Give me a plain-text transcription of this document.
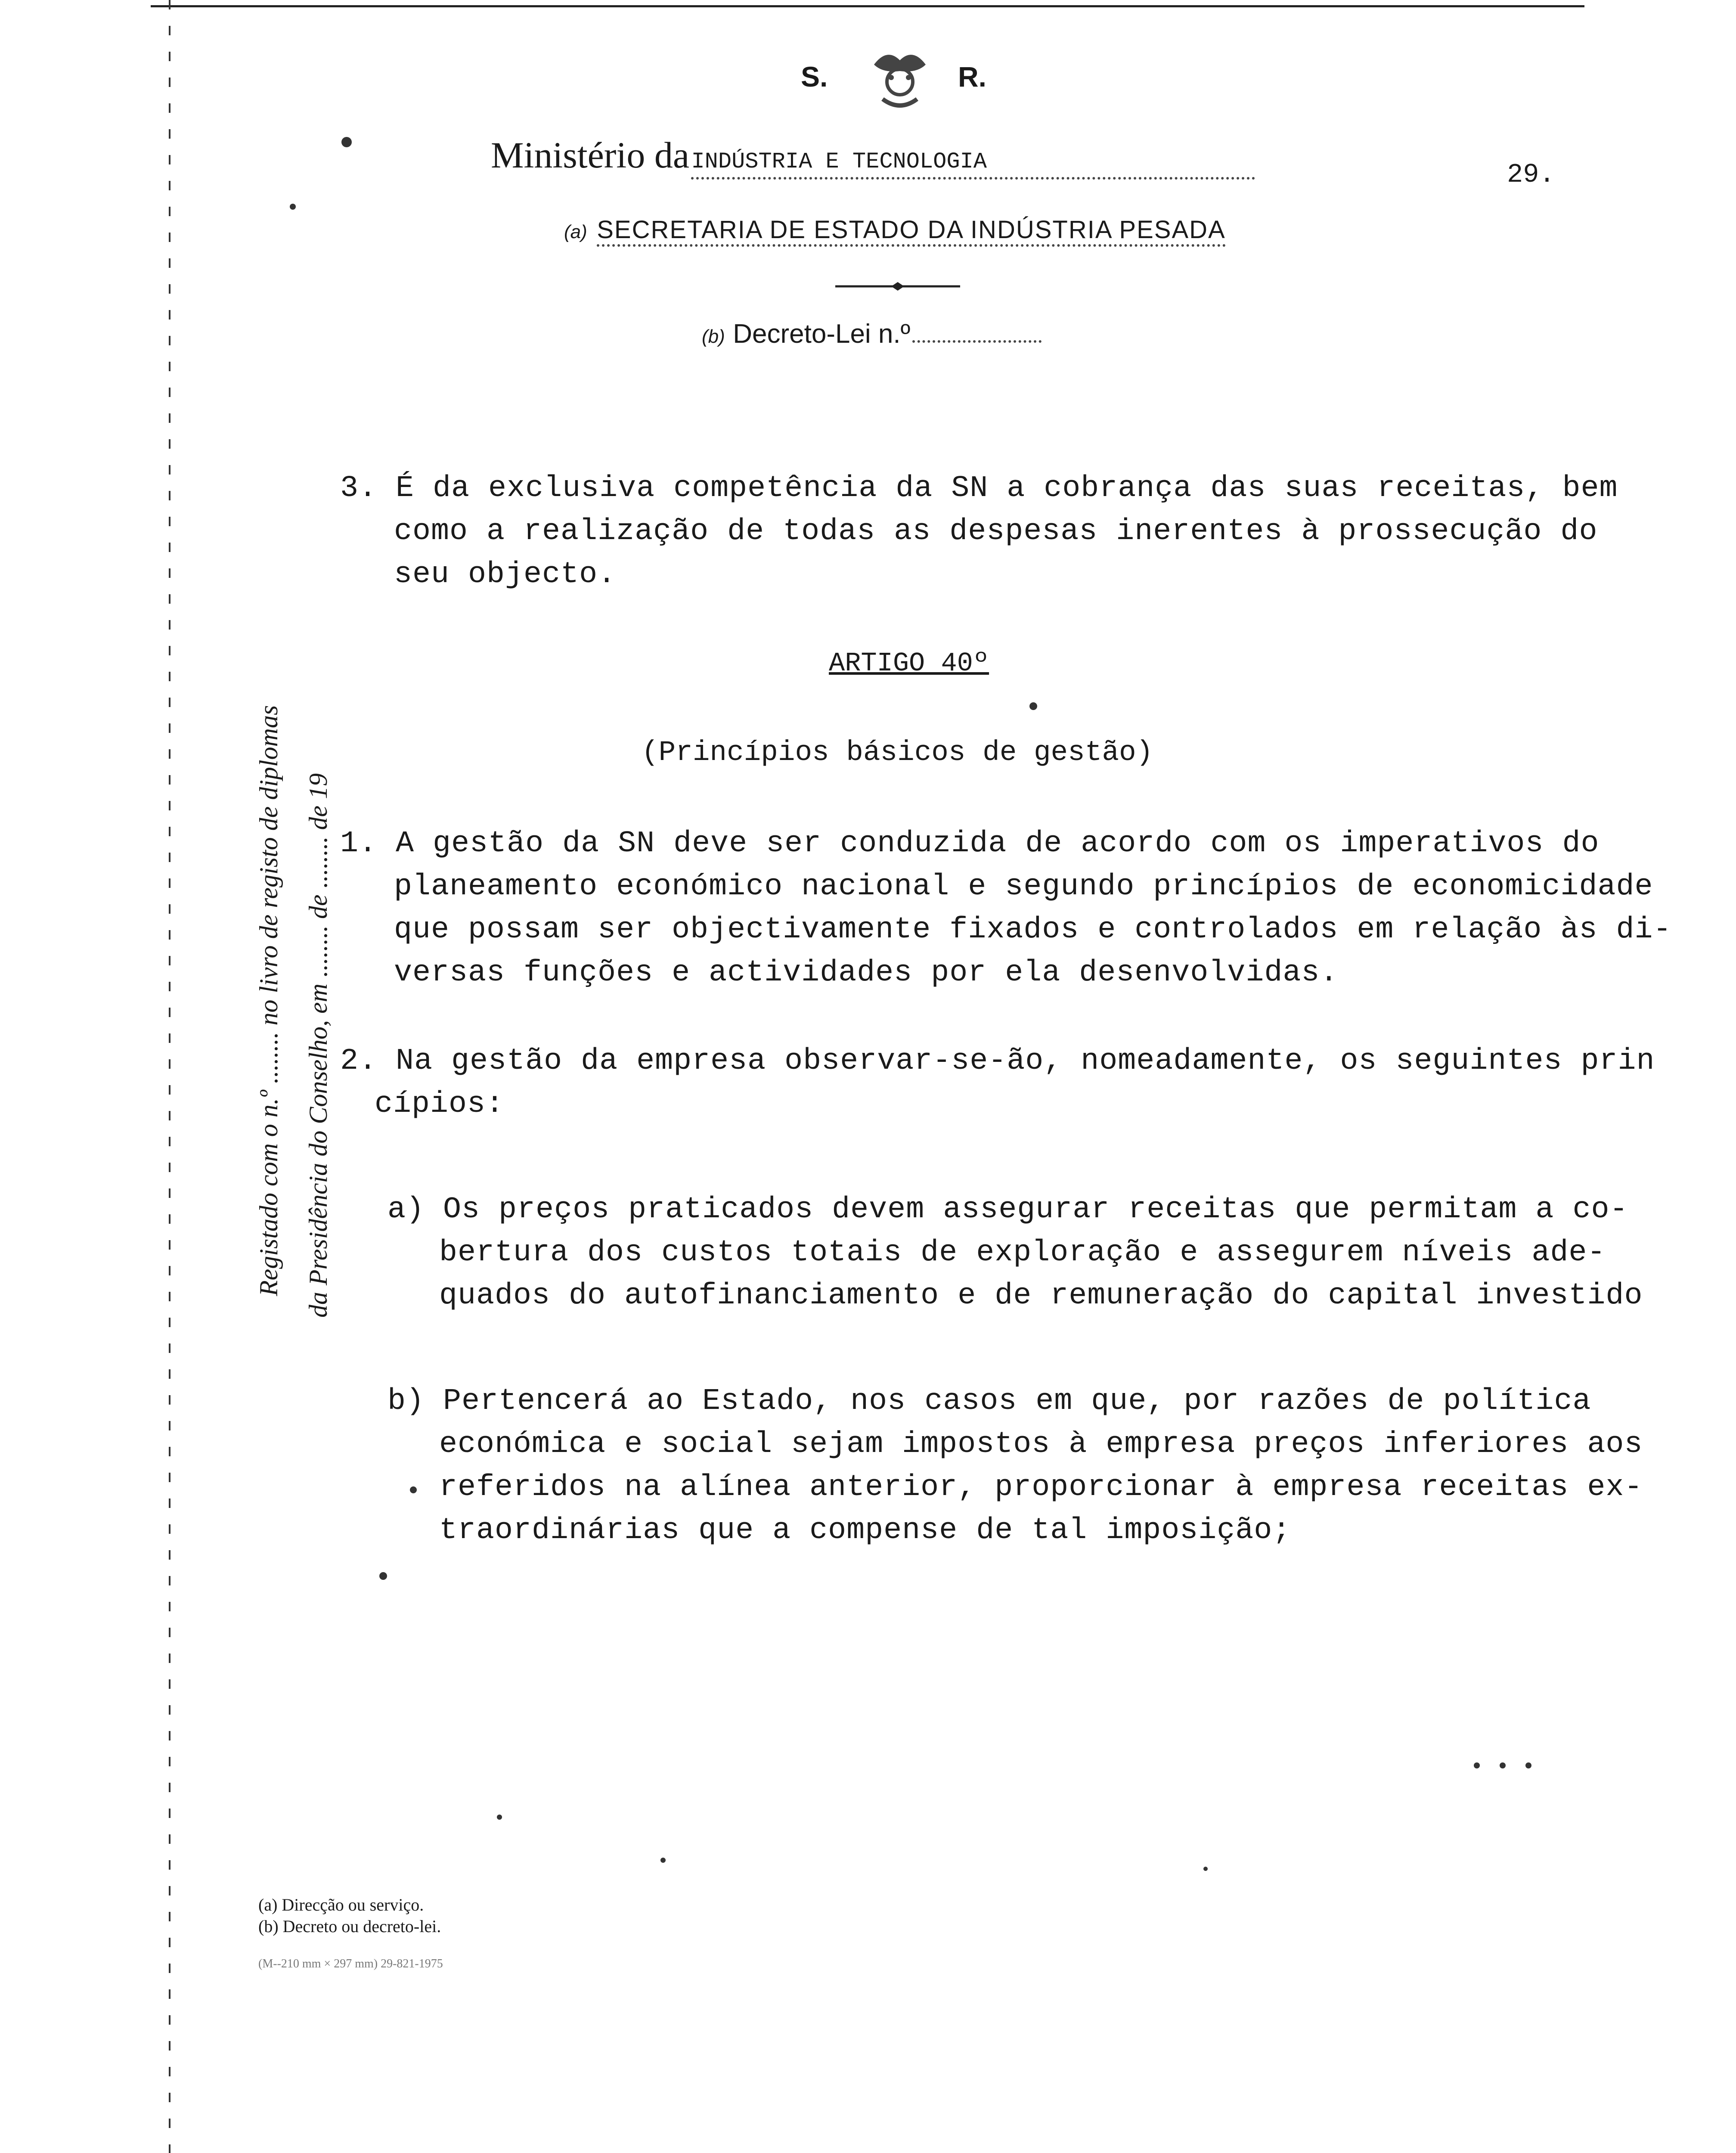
S.	R.
Ministério da INDÚSTRIA E TECNOLOGIA	29.
(a) SECRETARIA DE ESTADO DA INDÚSTRIA PESADA
(b) Decreto-Lei n.º
Registado com o n.º ........ no livro de registo de diplomas da Presidência do Conselho, em ........ de ........ de 19
3. É da exclusiva competência da SN a cobrança das suas receitas, bem
como a realização de todas as despesas inerentes à prossecução do
seu objecto.
ARTIGO 40º
(Princípios básicos de gestão)
1. A gestão da SN deve ser conduzida de acordo com os imperativos do
planeamento económico nacional e segundo princípios de economicidade
que possam ser objectivamente fixados e controlados em relação às di-
versas funções e actividades por ela desenvolvidas.
2. Na gestão da empresa observar-se-ão, nomeadamente, os seguintes prin
cípios:
a) Os preços praticados devem assegurar receitas que permitam a co-
bertura dos custos totais de exploração e assegurem níveis ade-
quados do autofinanciamento e de remuneração do capital investido
b) Pertencerá ao Estado, nos casos em que, por razões de política
económica e social sejam impostos à empresa preços inferiores aos
referidos na alínea anterior, proporcionar à empresa receitas ex-
traordinárias que a compense de tal imposição;
(a) Direcção ou serviço.
(b) Decreto ou decreto-lei.
(M--210 mm × 297 mm) 29-821-1975
